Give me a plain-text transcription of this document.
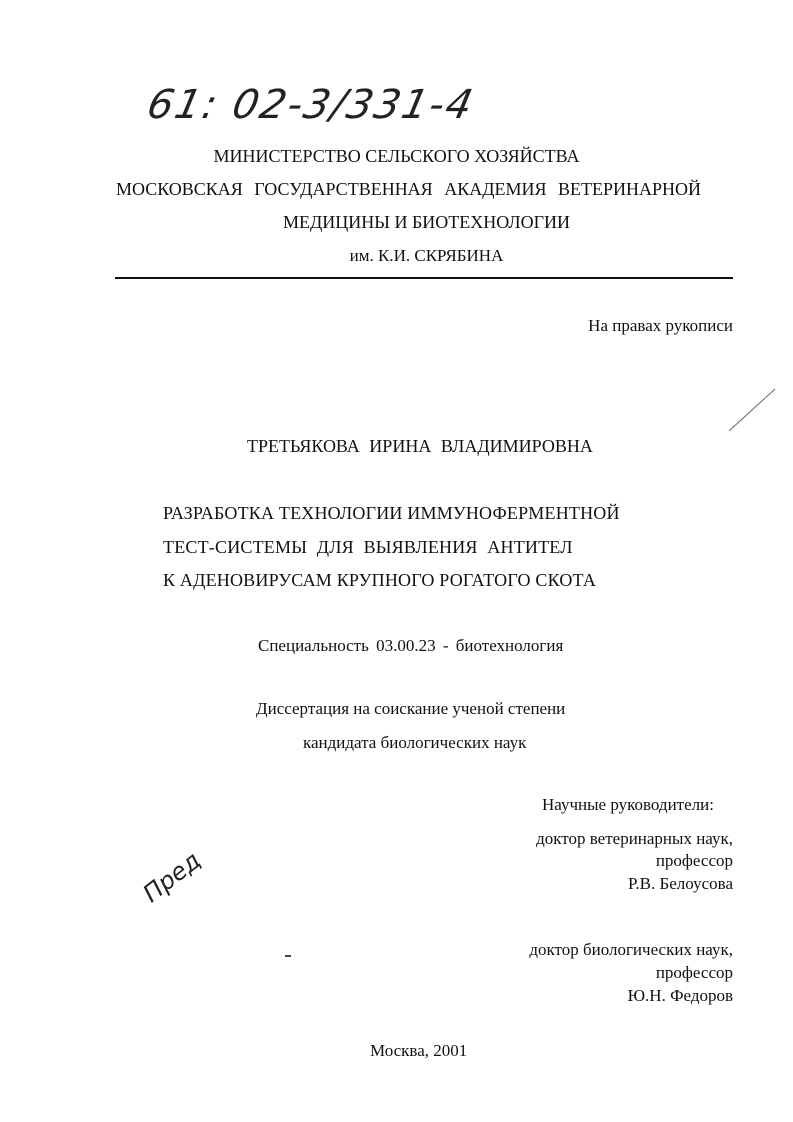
61: 02-3/331-4
МИНИСТЕРСТВО СЕЛЬСКОГО ХОЗЯЙСТВА
МОСКОВСКАЯ ГОСУДАРСТВЕННАЯ АКАДЕМИЯ ВЕТЕРИНАРНОЙ
МЕДИЦИНЫ И БИОТЕХНОЛОГИИ
им. К.И. СКРЯБИНА
На правах рукописи
ТРЕТЬЯКОВА ИРИНА ВЛАДИМИРОВНА
РАЗРАБОТКА ТЕХНОЛОГИИ ИММУНОФЕРМЕНТНОЙ
ТЕСТ-СИСТЕМЫ ДЛЯ ВЫЯВЛЕНИЯ АНТИТЕЛ
К АДЕНОВИРУСАМ КРУПНОГО РОГАТОГО СКОТА
Специальность 03.00.23 - биотехнология
Диссертация на соискание ученой степени
кандидата биологических наук
Научные руководители:
доктор ветеринарных наук,
профессор
Р.В. Белоусова
Пред
доктор биологических наук,
профессор
Ю.Н. Федоров
Москва, 2001
